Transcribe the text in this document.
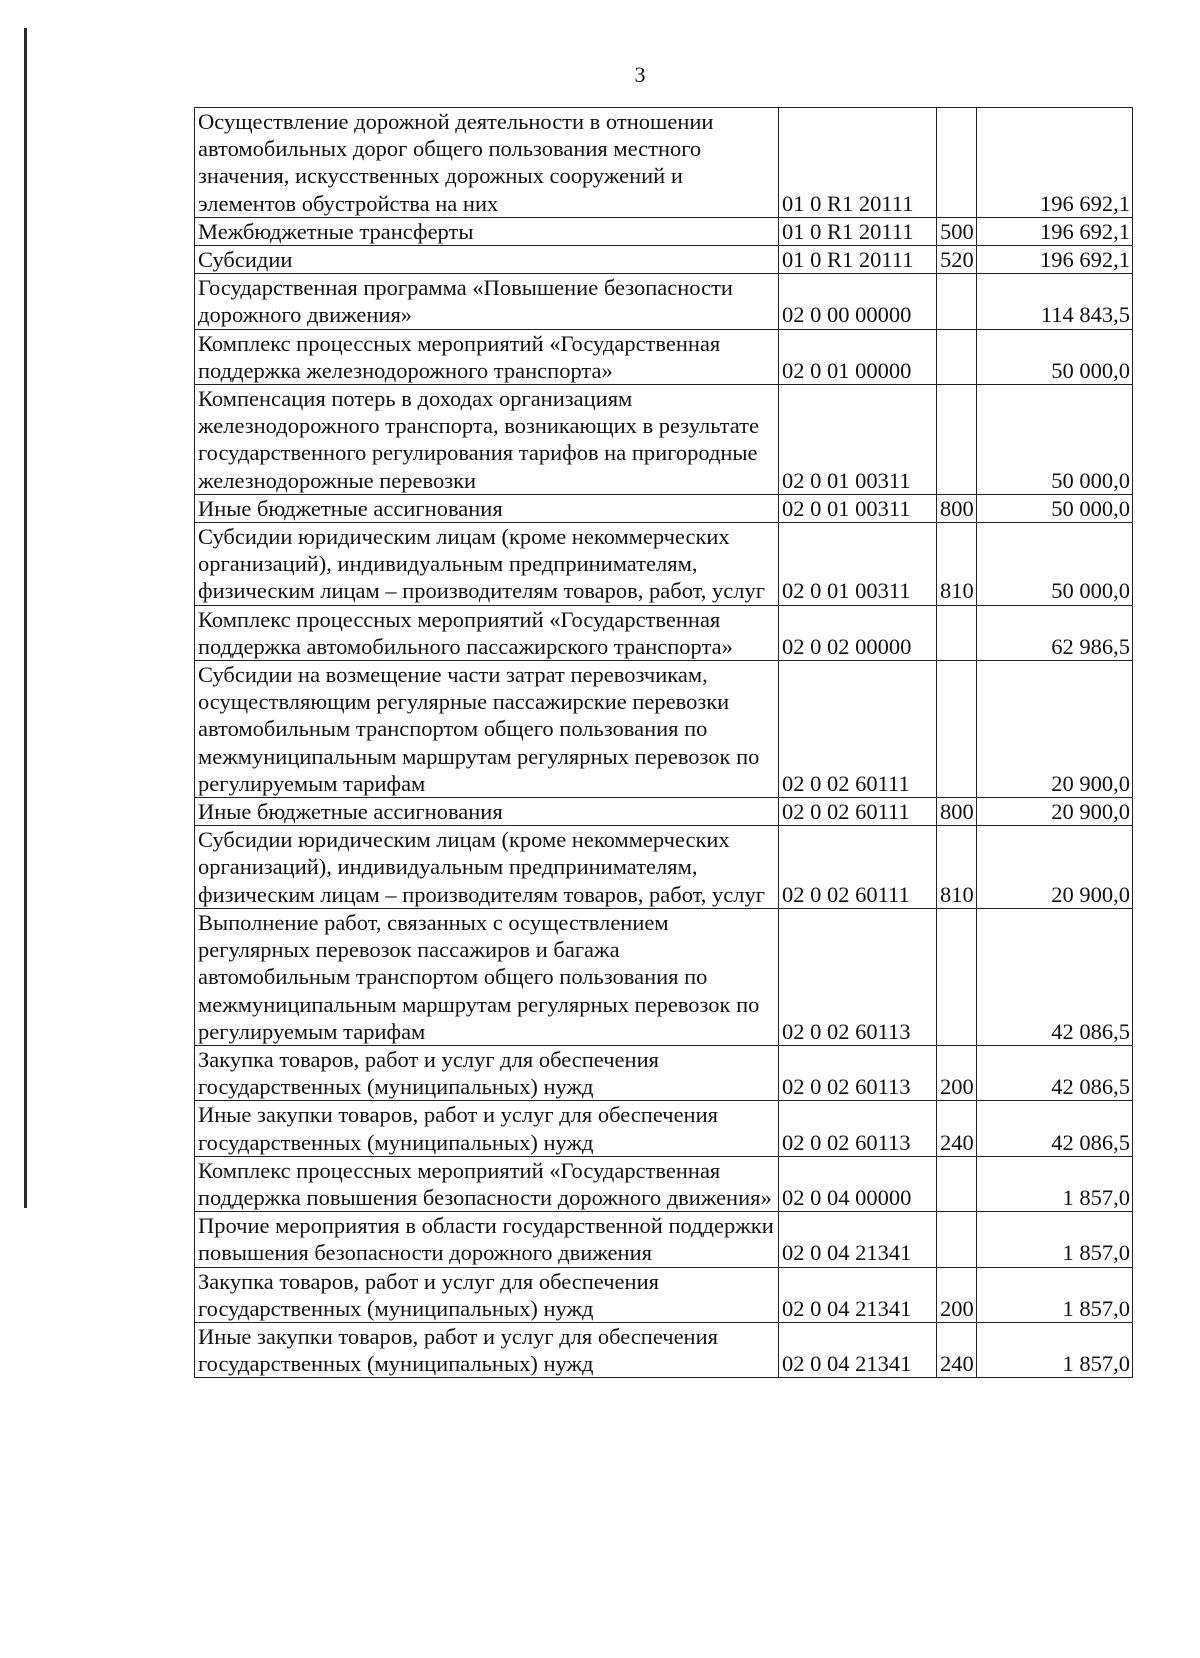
3
Осуществление дорожной деятельности в отношении автомобильных дорог общего пользования местного значения, искусственных дорожных сооружений и элементов обустройства на них	01 0 R1 20111		196 692,1
Межбюджетные трансферты	01 0 R1 20111	500	196 692,1
Субсидии	01 0 R1 20111	520	196 692,1
Государственная программа «Повышение безопасности дорожного движения»	02 0 00 00000		114 843,5
Комплекс процессных мероприятий «Государственная поддержка железнодорожного транспорта»	02 0 01 00000		50 000,0
Компенсация потерь в доходах организациям железнодорожного транспорта, возникающих в результате государственного регулирования тарифов на пригородные железнодорожные перевозки	02 0 01 00311		50 000,0
Иные бюджетные ассигнования	02 0 01 00311	800	50 000,0
Субсидии юридическим лицам (кроме некоммерческих организаций), индивидуальным предпринимателям, физическим лицам – производителям товаров, работ, услуг	02 0 01 00311	810	50 000,0
Комплекс процессных мероприятий «Государственная поддержка автомобильного пассажирского транспорта»	02 0 02 00000		62 986,5
Субсидии на возмещение части затрат перевозчикам, осуществляющим регулярные пассажирские перевозки автомобильным транспортом общего пользования по межмуниципальным маршрутам регулярных перевозок по регулируемым тарифам	02 0 02 60111		20 900,0
Иные бюджетные ассигнования	02 0 02 60111	800	20 900,0
Субсидии юридическим лицам (кроме некоммерческих организаций), индивидуальным предпринимателям, физическим лицам – производителям товаров, работ, услуг	02 0 02 60111	810	20 900,0
Выполнение работ, связанных с осуществлением регулярных перевозок пассажиров и багажа автомобильным транспортом общего пользования по межмуниципальным маршрутам регулярных перевозок по регулируемым тарифам	02 0 02 60113		42 086,5
Закупка товаров, работ и услуг для обеспечения государственных (муниципальных) нужд	02 0 02 60113	200	42 086,5
Иные закупки товаров, работ и услуг для обеспечения государственных (муниципальных) нужд	02 0 02 60113	240	42 086,5
Комплекс процессных мероприятий «Государственная поддержка повышения безопасности дорожного движения»	02 0 04 00000		1 857,0
Прочие мероприятия в области государственной поддержки повышения безопасности дорожного движения	02 0 04 21341		1 857,0
Закупка товаров, работ и услуг для обеспечения государственных (муниципальных) нужд	02 0 04 21341	200	1 857,0
Иные закупки товаров, работ и услуг для обеспечения государственных (муниципальных) нужд	02 0 04 21341	240	1 857,0
